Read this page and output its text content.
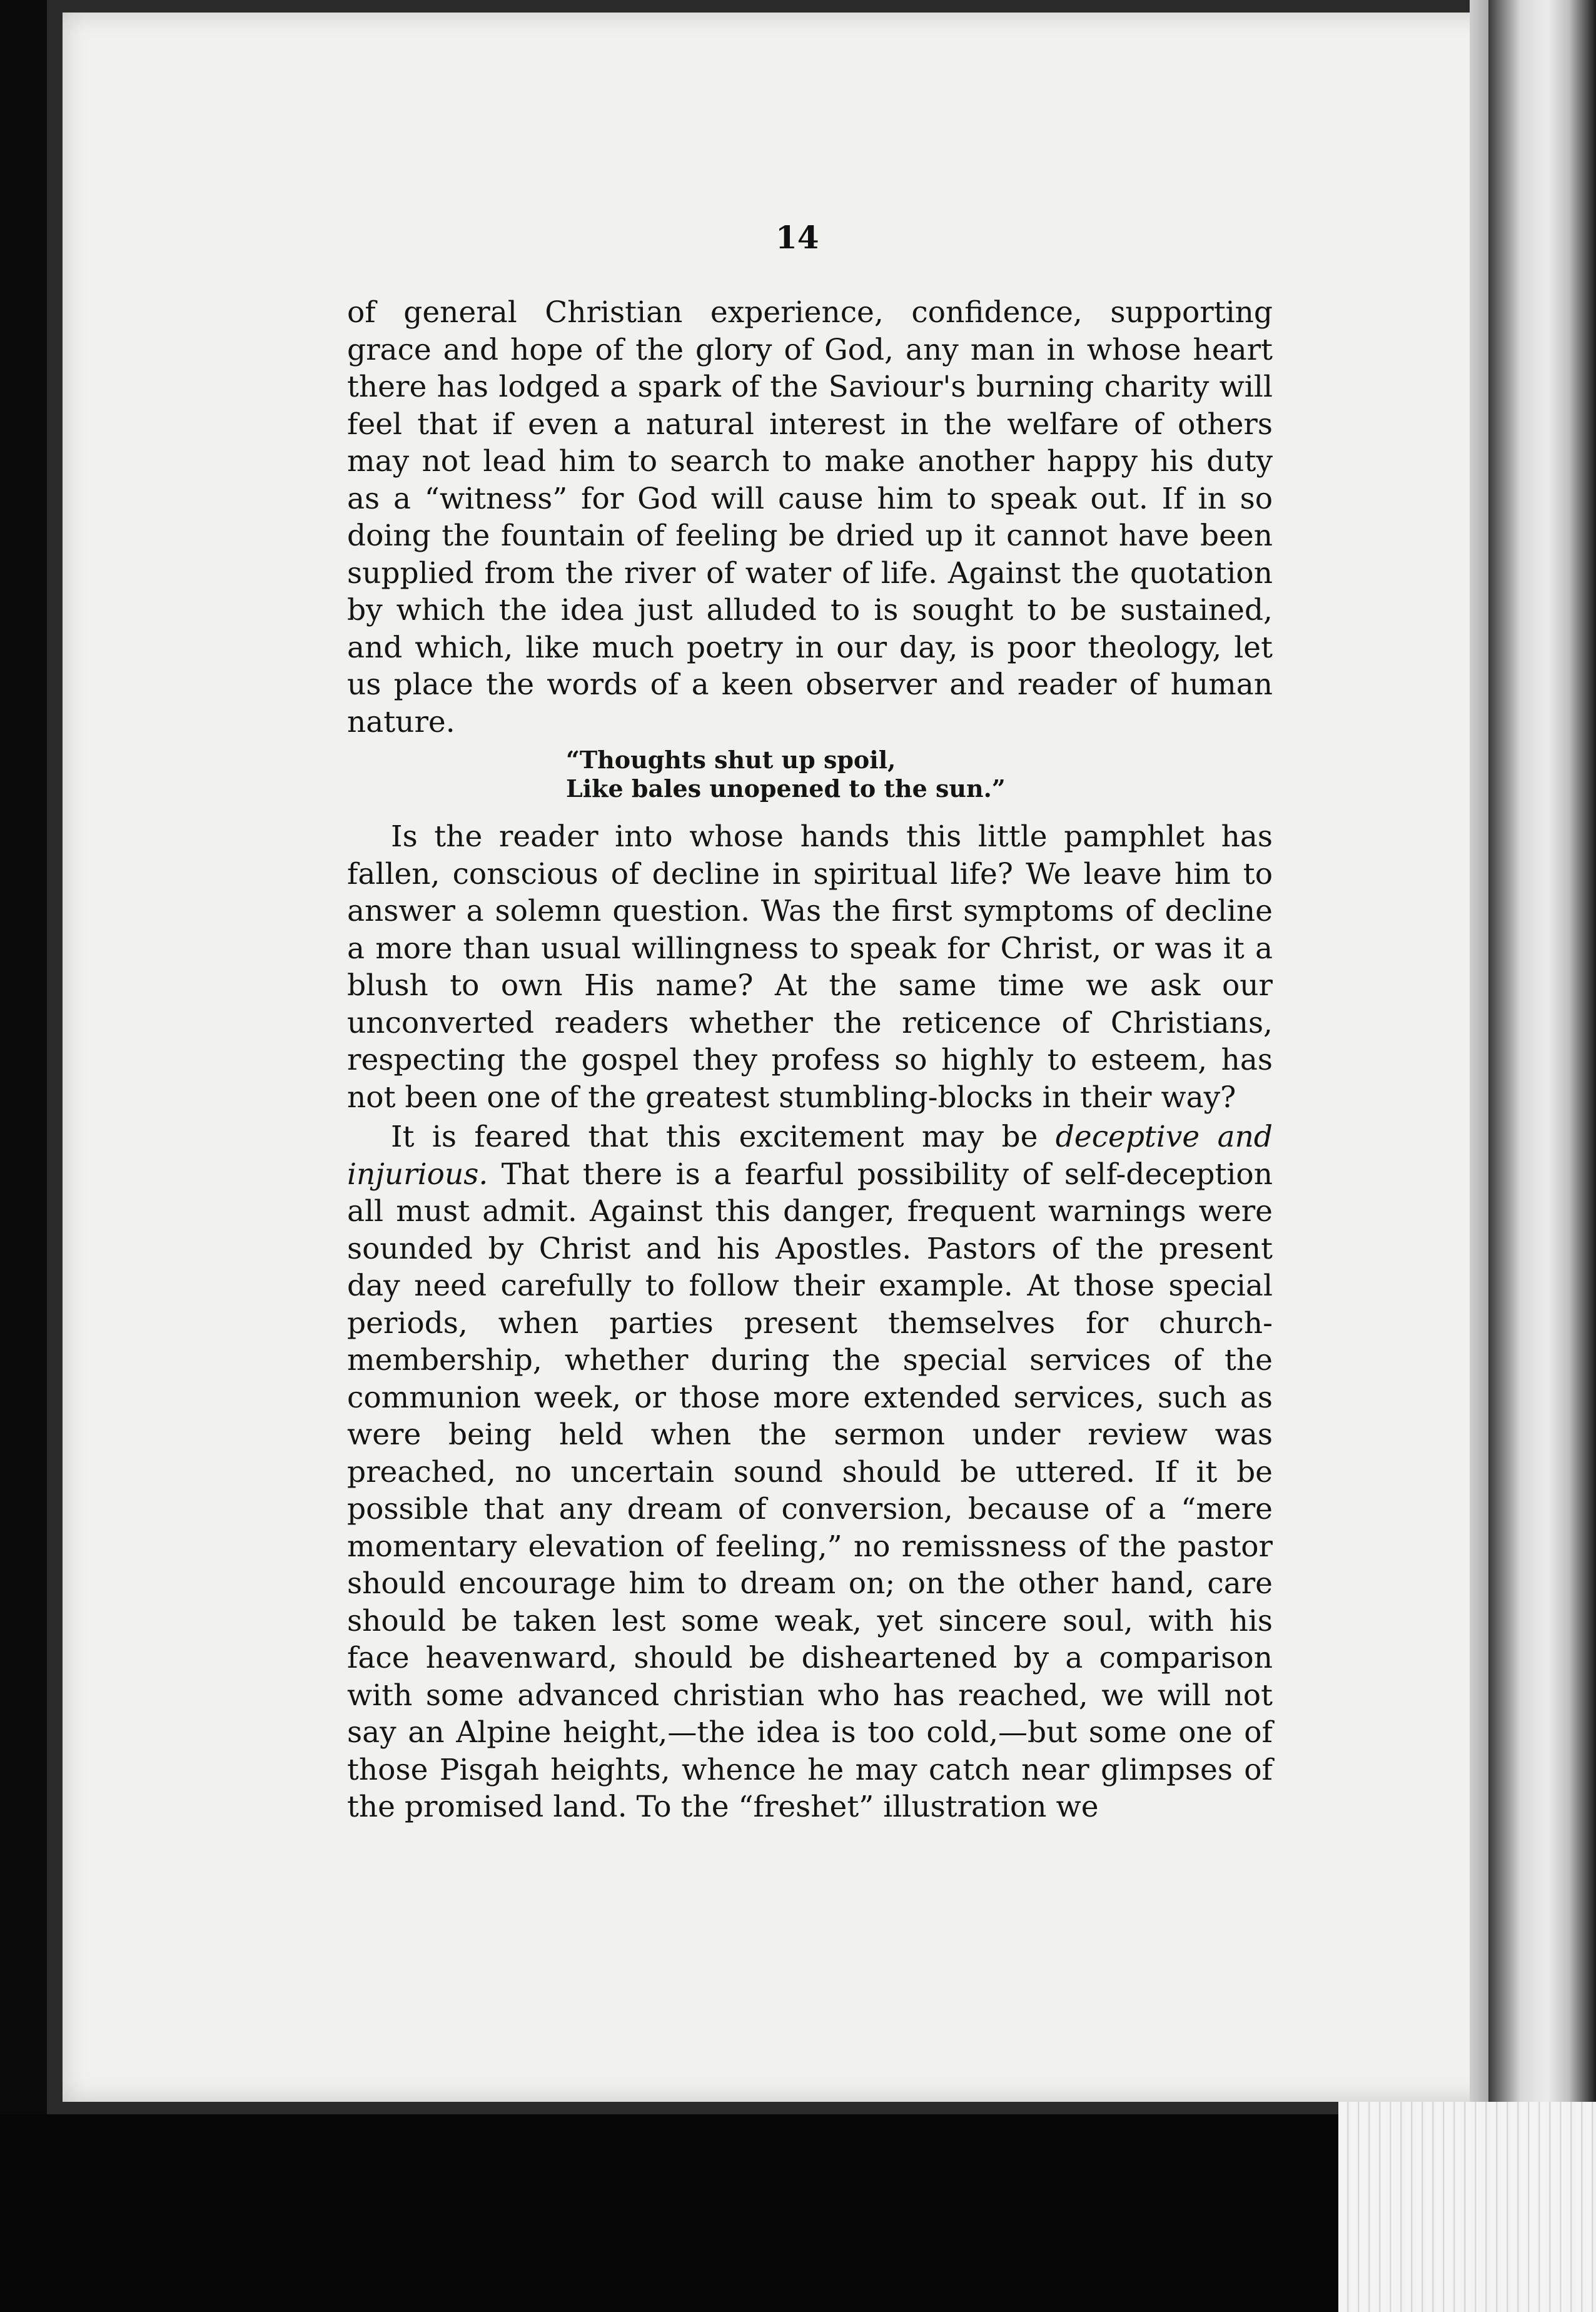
14

of general Christian experience, confidence, supporting grace and hope of the glory of God, any man in whose heart there has lodged a spark of the Saviour's burning charity will feel that if even a natural interest in the welfare of others may not lead him to search to make another happy his duty as a “witness” for God will cause him to speak out. If in so doing the fountain of feeling be dried up it cannot have been supplied from the river of water of life. Against the quotation by which the idea just alluded to is sought to be sustained, and which, like much poetry in our day, is poor theology, let us place the words of a keen observer and reader of human nature.

“Thoughts shut up spoil,
Like bales unopened to the sun.”

Is the reader into whose hands this little pamphlet has fallen, conscious of decline in spiritual life? We leave him to answer a solemn question. Was the first symptoms of decline a more than usual willingness to speak for Christ, or was it a blush to own His name? At the same time we ask our unconverted readers whether the reticence of Christians, respecting the gospel they profess so highly to esteem, has not been one of the greatest stumbling-blocks in their way?

It is feared that this excitement may be deceptive and injurious. That there is a fearful possibility of self-deception all must admit. Against this danger, frequent warnings were sounded by Christ and his Apostles. Pastors of the present day need carefully to follow their example. At those special periods, when parties present themselves for church-membership, whether during the special services of the communion week, or those more extended services, such as were being held when the sermon under review was preached, no uncertain sound should be uttered. If it be possible that any dream of conversion, because of a “mere momentary elevation of feeling,” no remissness of the pastor should encourage him to dream on; on the other hand, care should be taken lest some weak, yet sincere soul, with his face heavenward, should be disheartened by a comparison with some advanced christian who has reached, we will not say an Alpine height,—the idea is too cold,—but some one of those Pisgah heights, whence he may catch near glimpses of the promised land. To the “freshet” illustration we
